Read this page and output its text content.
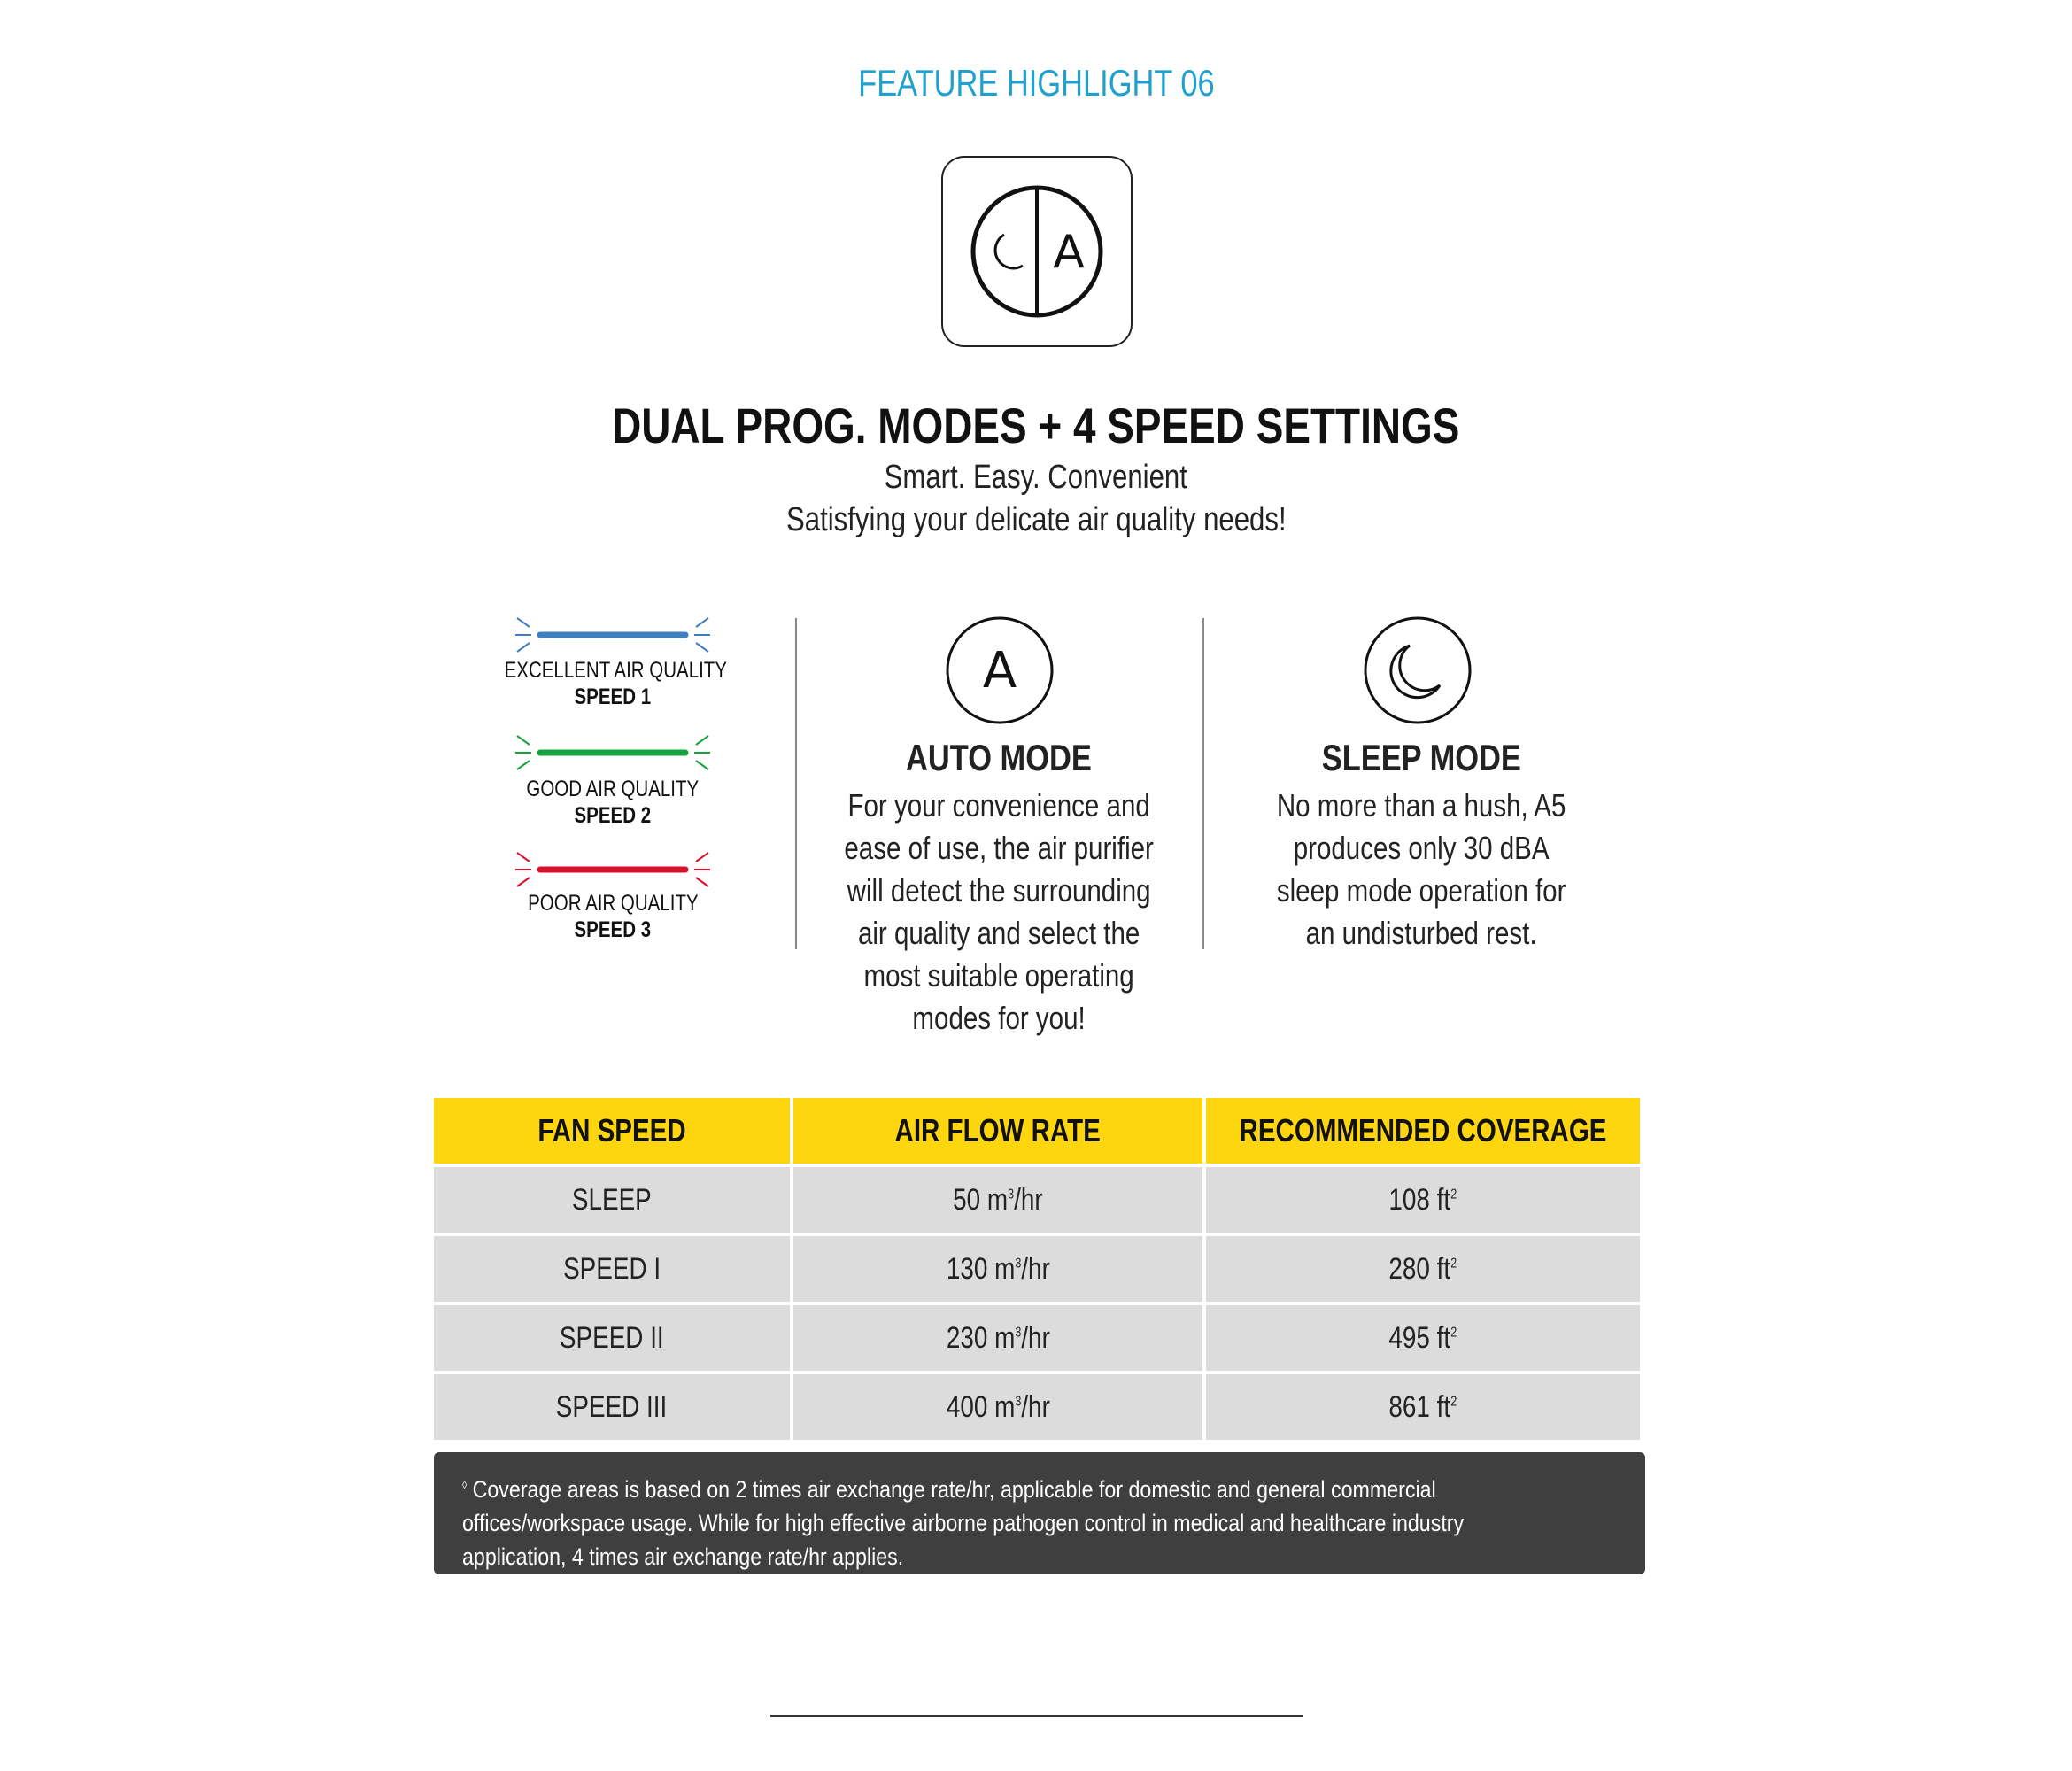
FEATURE HIGHLIGHT 06
A
DUAL PROG. MODES + 4 SPEED SETTINGS
Smart. Easy. Convenient
Satisfying your delicate air quality needs!
EXCELLENT AIR QUALITY
SPEED 1
GOOD AIR QUALITY
SPEED 2
POOR AIR QUALITY
SPEED 3
A
AUTO MODE
For your convenience and
ease of use, the air purifier
will detect the surrounding
air quality and select the
most suitable operating
modes for you!
SLEEP MODE
No more than a hush, A5
produces only 30 dBA
sleep mode operation for
an undisturbed rest.
FAN SPEED	AIR FLOW RATE	RECOMMENDED COVERAGE
SLEEP	50 $m^3/hr$	108 $ft^2$
SPEED I	130 $m^3/hr$	280 $ft^2$
SPEED II	230 $m^3/hr$	495 $ft^2$
SPEED III	400 $m^3/hr$	861 $ft^2$
◊ Coverage areas is based on 2 times air exchange rate/hr, applicable for domestic and general commercial
offices/workspace usage. While for high effective airborne pathogen control in medical and healthcare industry
application, 4 times air exchange rate/hr applies.
